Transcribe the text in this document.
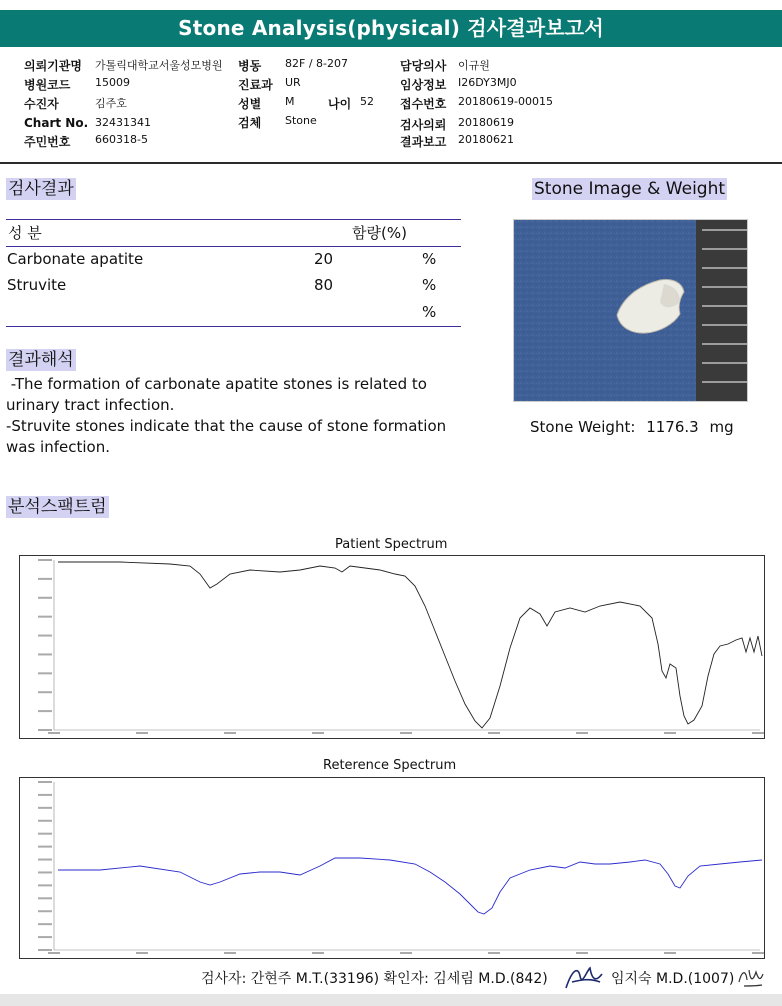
Stone Analysis(physical) 검사결과보고서
의뢰기관명 가톨릭대학교서울성모병원 병동 82F / 8-207	담당의사 이규원
병원코드 15009	진료과 UR	임상정보 I26DY3MJ0
수진자	김주호	성별 M	나이 52 접수번호 20180619-00015
Chart No. 32431341	검체 Stone	검사의뢰 20180619
주민번호 660318-5	결과보고 20180621
검사결과
성 분	함량(%)
Carbonate apatite	20	%
Struvite	80	%
%
결과해석
-The formation of carbonate apatite stones is related to urinary tract infection.
-Struvite stones indicate that the cause of stone formation was infection.
Stone Image & Weight
Stone Weight: 1176.3 mg
분석스팩트럼
Patient Spectrum
Reterence Spectrum
검사자: 간현주 M.T.(33196) 확인자: 김세림 M.D.(842)	임지숙 M.D.(1007)
